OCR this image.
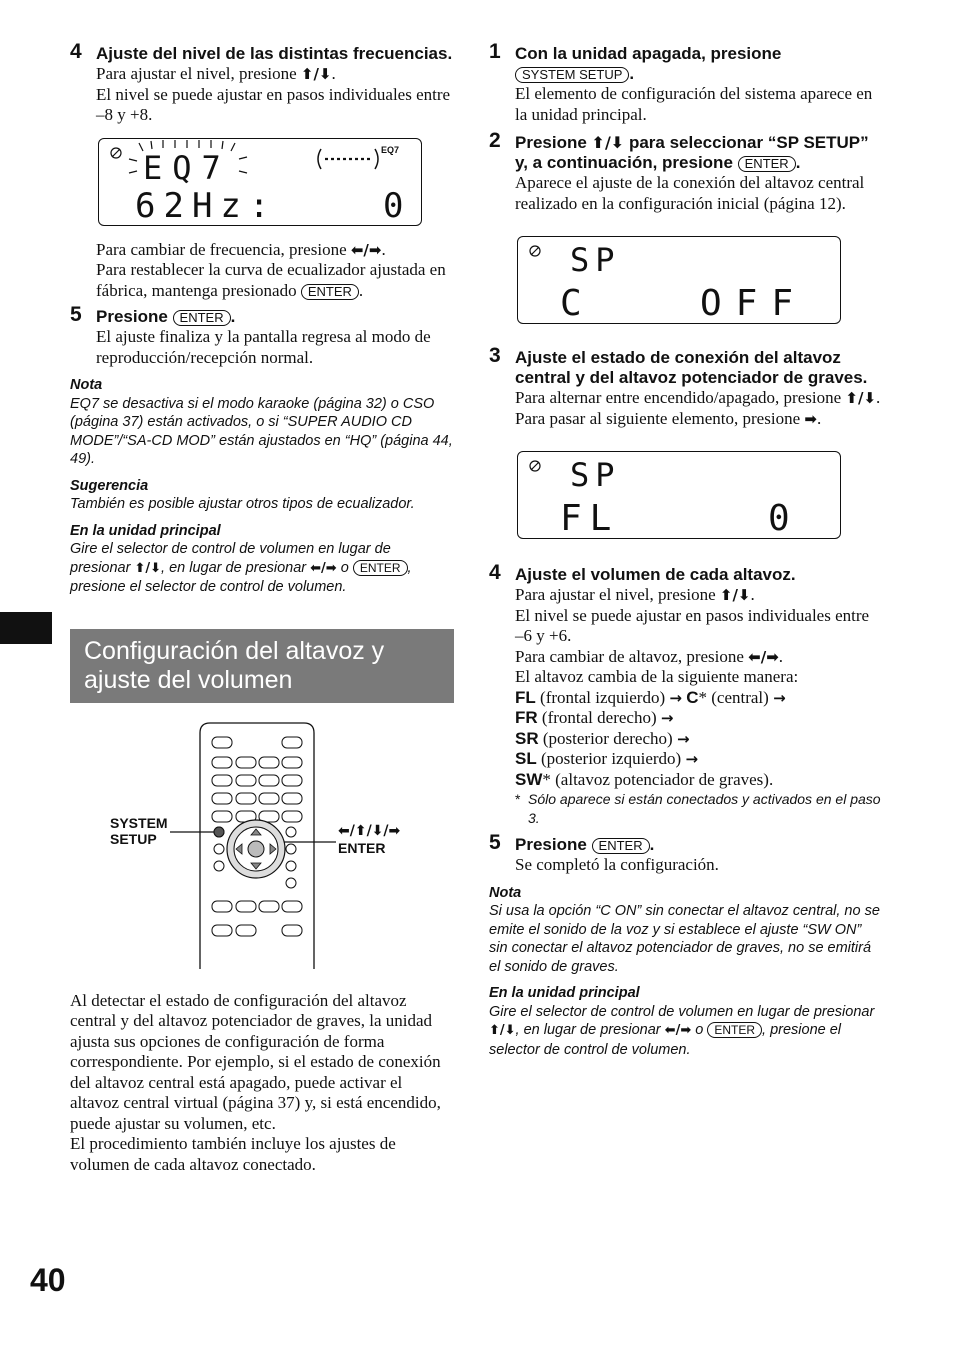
40
4 Ajuste del nivel de las distintas frecuencias.
Para ajustar el nivel, presione ⬆/⬇.
El nivel se puede ajustar en pasos individuales entre –8 y +8.
EQ7
62Hz:	0
EQ7
Para cambiar de frecuencia, presione ⬅/➡.
Para restablecer la curva de ecualizador ajustada en fábrica, mantenga presionado ENTER .
5 Presione ENTER .
El ajuste finaliza y la pantalla regresa al modo de reproducción/recepción normal.
Nota
EQ7 se desactiva si el modo karaoke (página 32) o CSO (página 37) están activados, o si “SUPER AUDIO CD MODE”/“SA-CD MOD” están ajustados en “HQ” (página 44, 49).
Sugerencia
También es posible ajustar otros tipos de ecualizador.
En la unidad principal
Gire el selector de control de volumen en lugar de presionar ⬆/⬇, en lugar de presionar ⬅/➡ o ENTER , presione el selector de control de volumen.
Configuración del altavoz y ajuste del volumen
SYSTEM
SETUP	⬅/⬆/⬇/➡
ENTER
Al detectar el estado de configuración del altavoz central y del altavoz potenciador de graves, la unidad ajusta sus opciones de configuración de forma correspondiente. Por ejemplo, si el estado de conexión del altavoz central está apagado, puede activar el altavoz central virtual (página 37) y, si está encendido, puede ajustar su volumen, etc.
El procedimiento también incluye los ajustes de volumen de cada altavoz conectado.
1 Con la unidad apagada, presione
SYSTEM SETUP .
El elemento de configuración del sistema aparece en la unidad principal.
2 Presione ⬆/⬇ para seleccionar “SP SETUP” y, a continuación, presione ENTER .
Aparece el ajuste de la conexión del altavoz central realizado en la configuración inicial (página 12).
SP
C	OFF
3 Ajuste el estado de conexión del altavoz central y del altavoz potenciador de graves.
Para alternar entre encendido/apagado, presione ⬆/⬇. Para pasar al siguiente elemento, presione ➡.
SP
FL	0
4 Ajuste el volumen de cada altavoz.
Para ajustar el nivel, presione ⬆/⬇.
El nivel se puede ajustar en pasos individuales entre –6 y +6.
Para cambiar de altavoz, presione ⬅/➡.
El altavoz cambia de la siguiente manera:
FL (frontal izquierdo) → C* (central) →
FR (frontal derecho) →
SR (posterior derecho) →
SL (posterior izquierdo) →
SW* (altavoz potenciador de graves).
* Sólo aparece si están conectados y activados en el paso 3.
5 Presione ENTER .
Se completó la configuración.
Nota
Si usa la opción “C ON” sin conectar el altavoz central, no se emite el sonido de la voz y si establece el ajuste “SW ON” sin conectar el altavoz potenciador de graves, no se emitirá el sonido de graves.
En la unidad principal
Gire el selector de control de volumen en lugar de presionar ⬆/⬇, en lugar de presionar ⬅/➡ o ENTER , presione el selector de control de volumen.
